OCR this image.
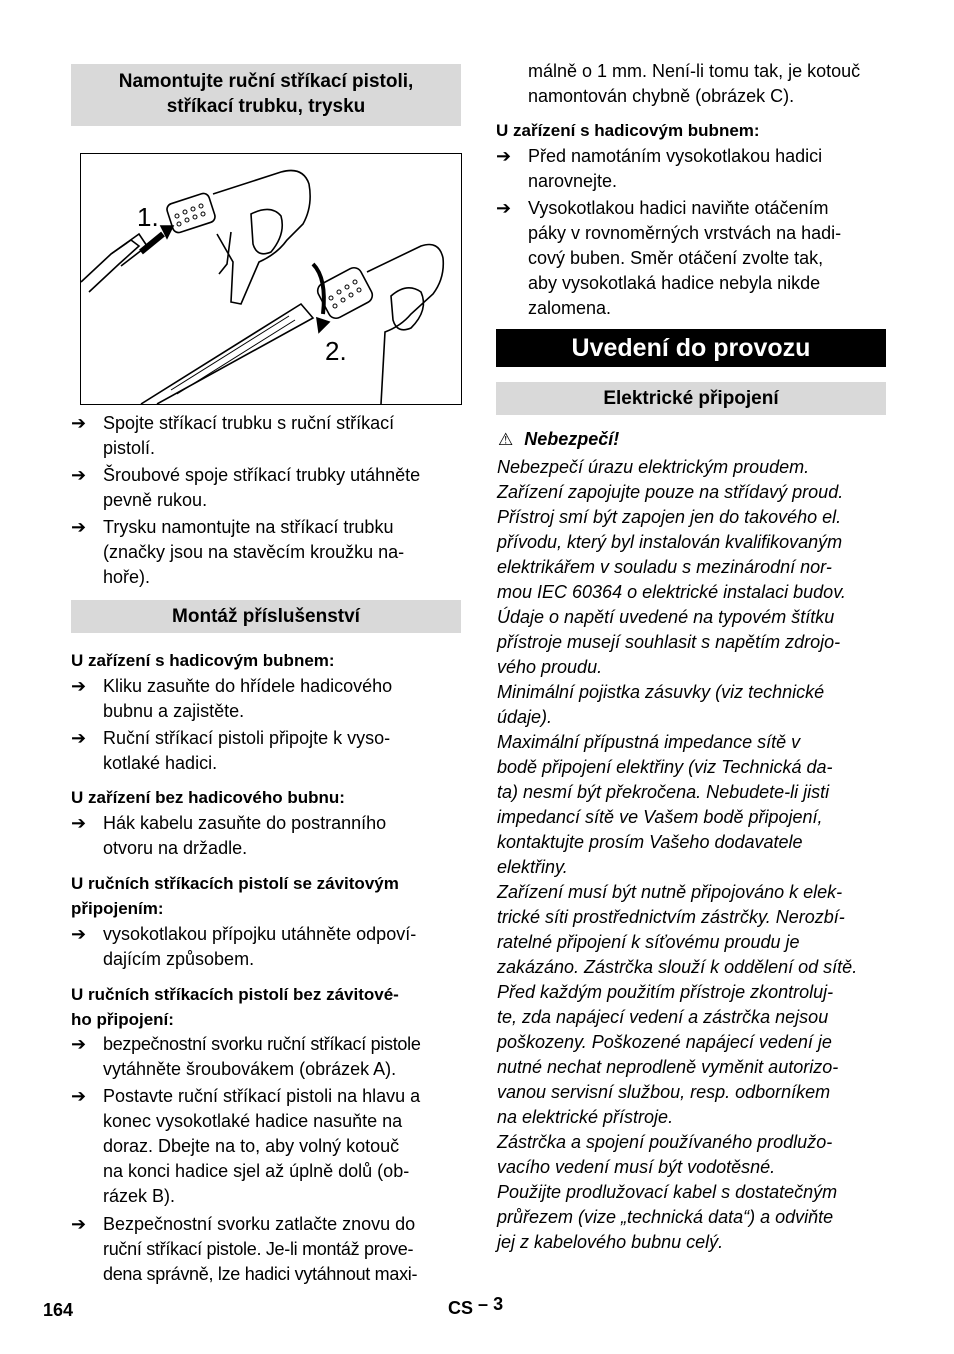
Namontujte ruční stříkací pistoli,
stříkací trubku, trysku
1.
2.
➔ Spojte stříkací trubku s ruční stříkací
pistolí.
➔ Šroubové spoje stříkací trubky utáhněte
pevně rukou.
➔ Trysku namontujte na stříkací trubku
(značky jsou na stavěcím kroužku na-
hoře).
Montáž příslušenství
U zařízení s hadicovým bubnem:
➔ Kliku zasuňte do hřídele hadicového
bubnu a zajistěte.
➔ Ruční stříkací pistoli připojte k vyso-
kotlaké hadici.
U zařízení bez hadicového bubnu:
➔ Hák kabelu zasuňte do postranního
otvoru na držadle.
U ručních stříkacích pistolí se závitovým
připojením:
➔ vysokotlakou přípojku utáhněte odpoví-
dajícím způsobem.
U ručních stříkacích pistolí bez závitové-
ho připojení:
➔ bezpečnostní svorku ruční stříkací pistole
vytáhněte šroubovákem (obrázek A).
➔ Postavte ruční stříkací pistoli na hlavu a
konec vysokotlaké hadice nasuňte na
doraz. Dbejte na to, aby volný kotouč
na konci hadice sjel až úplně dolů (ob-
rázek B).
➔ Bezpečnostní svorku zatlačte znovu do
ruční stříkací pistole. Je-li montáž prove-
dena správně, lze hadici vytáhnout maxi-
málně o 1 mm. Není-li tomu tak, je kotouč
namontován chybně (obrázek C).
U zařízení s hadicovým bubnem:
➔ Před namotáním vysokotlakou hadici
narovnejte.
➔ Vysokotlakou hadici naviňte otáčením
páky v rovnoměrných vrstvách na hadi-
cový buben. Směr otáčení zvolte tak,
aby vysokotlaká hadice nebyla nikde
zalomena.
Uvedení do provozu
Elektrické připojení
⚠ Nebezpečí!
Nebezpečí úrazu elektrickým proudem.
Zařízení zapojujte pouze na střídavý proud.
Přístroj smí být zapojen jen do takového el.
přívodu, který byl instalován kvalifikovaným
elektrikářem v souladu s mezinárodní nor-
mou IEC 60364 o elektrické instalaci budov.
Údaje o napětí uvedené na typovém štítku
přístroje musejí souhlasit s napětím zdrojo-
vého proudu.
Minimální pojistka zásuvky (viz technické
údaje).
Maximální přípustná impedance sítě v
bodě připojení elektřiny (viz Technická da-
ta) nesmí být překročena. Nebudete-li jisti
impedancí sítě ve Vašem bodě připojení,
kontaktujte prosím Vašeho dodavatele
elektřiny.
Zařízení musí být nutně připojováno k elek-
trické síti prostřednictvím zástrčky. Nerozbí-
ratelné připojení k síťovému proudu je
zakázáno. Zástrčka slouží k oddělení od sítě.
Před každým použitím přístroje zkontroluj-
te, zda napájecí vedení a zástrčka nejsou
poškozeny. Poškozené napájecí vedení je
nutné nechat neprodleně vyměnit autorizo-
vanou servisní službou, resp. odborníkem
na elektrické přístroje.
Zástrčka a spojení používaného prodlužo-
vacího vedení musí být vodotěsné.
Použijte prodlužovací kabel s dostatečným
průřezem (vize „technická data“) a odviňte
jej z kabelového bubnu celý.
164	CS – 3
